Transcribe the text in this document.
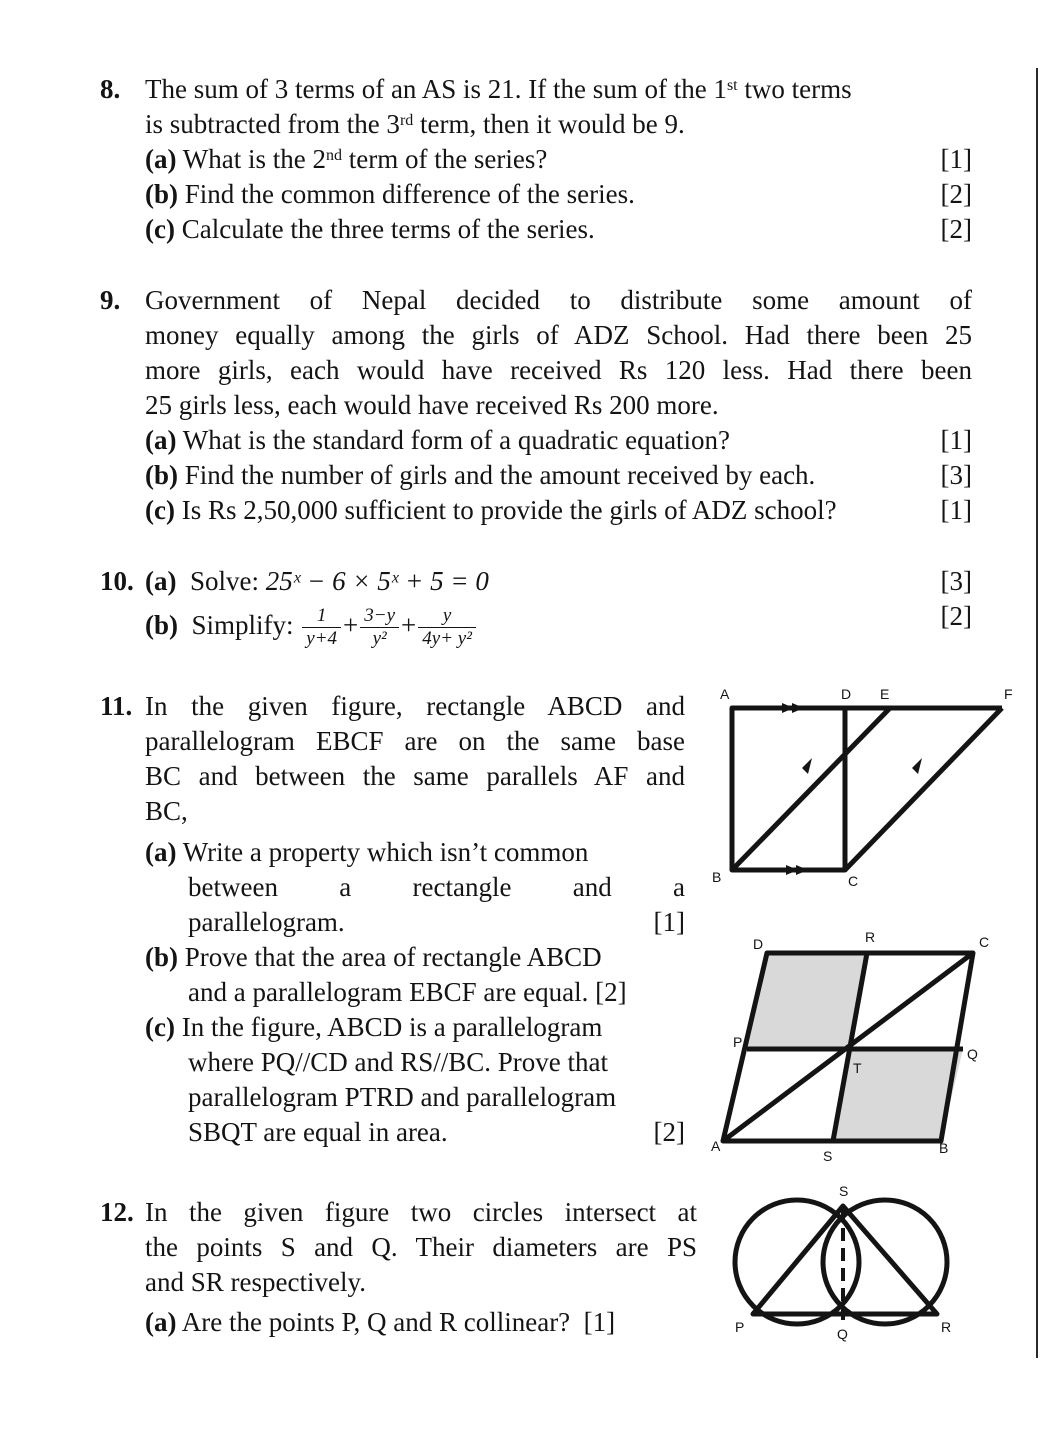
8. The sum of 3 terms of an AS is 21. If the sum of the 1st two terms
is subtracted from the 3rd term, then it would be 9.
(a) What is the 2nd term of the series?	[1]
(b) Find the common difference of the series.	[2]
(c) Calculate the three terms of the series.	[2]
9. Government of Nepal decided to distribute some amount of
money equally among the girls of ADZ School. Had there been 25
more girls, each would have received Rs 120 less. Had there been
25 girls less, each would have received Rs 200 more.
(a) What is the standard form of a quadratic equation?	[1]
(b) Find the number of girls and the amount received by each.	[3]
(c) Is Rs 2,50,000 sufficient to provide the girls of ADZ school?	[1]
10. (a) Solve: 25ˣ − 6 × 5ˣ + 5 = 0	[3]
(b) Simplify: $\frac{1}{y+4} + \frac{3-y}{\text{y²}} + \frac{y}{\text{4y+ y²}}$	[2]
11. In the given figure, rectangle ABCD and
parallelogram EBCF are on the same base
BC and between the same parallels AF and
BC,
(a) Write a property which isn’t common
between a rectangle and a
parallelogram.	[1]
(b) Prove that the area of rectangle ABCD
and a parallelogram EBCF are equal. [2]
(c) In the figure, ABCD is a parallelogram
where PQ//CD and RS//BC. Prove that
parallelogram PTRD and parallelogram
SBQT are equal in area.	[2]
12. In the given figure two circles intersect at
the points S and Q. Their diameters are PS
and SR respectively.
(a) Are the points P, Q and R collinear? [1]
A	D E	F
B	C
D	R	C
P
T
Q
A
S	B
S
P	Q	R
